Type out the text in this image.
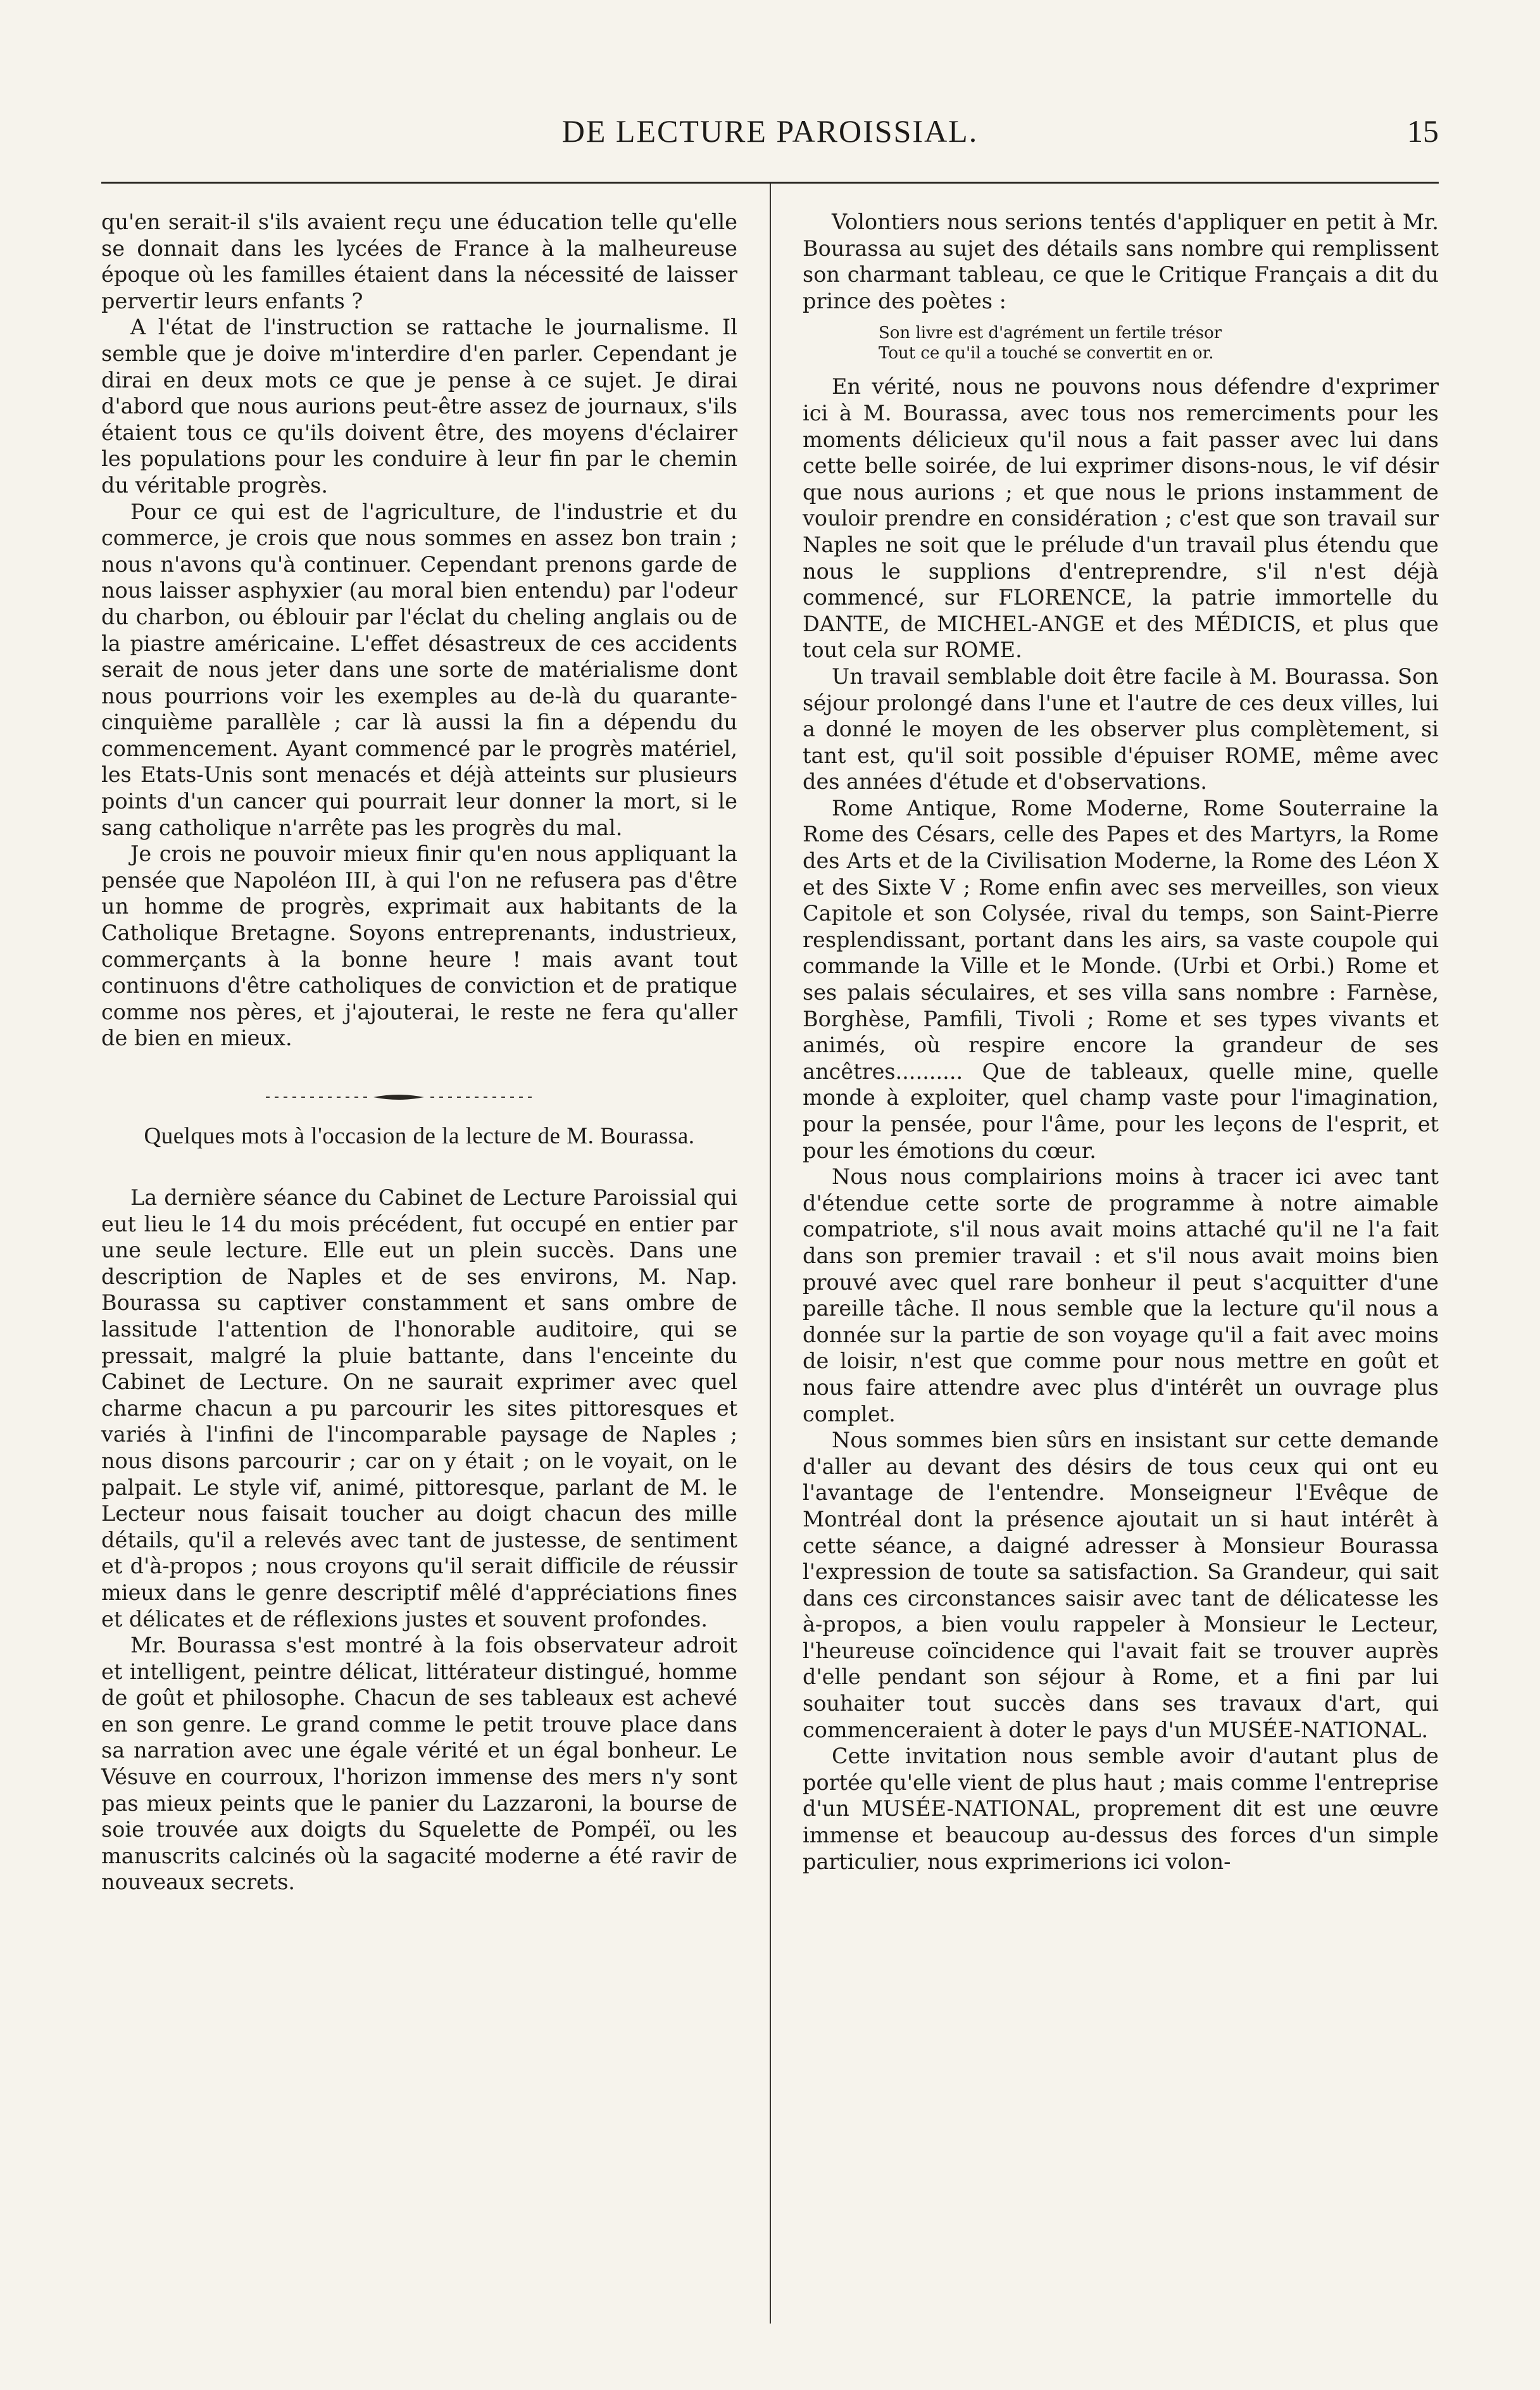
DE LECTURE PAROISSIAL.	15

qu'en serait-il s'ils avaient reçu une éducation telle qu'elle se donnait dans les lycées de France à la malheureuse époque où les familles étaient dans la nécessité de laisser pervertir leurs enfants ?

A l'état de l'instruction se rattache le journalisme. Il semble que je doive m'interdire d'en parler. Cependant je dirai en deux mots ce que je pense à ce sujet. Je dirai d'abord que nous aurions peut-être assez de journaux, s'ils étaient tous ce qu'ils doivent être, des moyens d'éclairer les populations pour les conduire à leur fin par le chemin du véritable progrès.

Pour ce qui est de l'agriculture, de l'industrie et du commerce, je crois que nous sommes en assez bon train ; nous n'avons qu'à continuer. Cependant prenons garde de nous laisser asphyxier (au moral bien entendu) par l'odeur du charbon, ou éblouir par l'éclat du cheling anglais ou de la piastre américaine. L'effet désastreux de ces accidents serait de nous jeter dans une sorte de matérialisme dont nous pourrions voir les exemples au de-là du quarante-cinquième parallèle ; car là aussi la fin a dépendu du commencement. Ayant commencé par le progrès matériel, les Etats-Unis sont menacés et déjà atteints sur plusieurs points d'un cancer qui pourrait leur donner la mort, si le sang catholique n'arrête pas les progrès du mal.

Je crois ne pouvoir mieux finir qu'en nous appliquant la pensée que Napoléon III, à qui l'on ne refusera pas d'être un homme de progrès, exprimait aux habitants de la Catholique Bretagne. Soyons entreprenants, industrieux, commerçants à la bonne heure ! mais avant tout continuons d'être catholiques de conviction et de pratique comme nos pères, et j'ajouterai, le reste ne fera qu'aller de bien en mieux.

Quelques mots à l'occasion de la lecture de M. Bourassa.

La dernière séance du Cabinet de Lecture Paroissial qui eut lieu le 14 du mois précédent, fut occupé en entier par une seule lecture. Elle eut un plein succès. Dans une description de Naples et de ses environs, M. Nap. Bourassa su captiver constamment et sans ombre de lassitude l'attention de l'honorable auditoire, qui se pressait, malgré la pluie battante, dans l'enceinte du Cabinet de Lecture. On ne saurait exprimer avec quel charme chacun a pu parcourir les sites pittoresques et variés à l'infini de l'incomparable paysage de Naples ; nous disons parcourir ; car on y était ; on le voyait, on le palpait. Le style vif, animé, pittoresque, parlant de M. le Lecteur nous faisait toucher au doigt chacun des mille détails, qu'il a relevés avec tant de justesse, de sentiment et d'à-propos ; nous croyons qu'il serait difficile de réussir mieux dans le genre descriptif mêlé d'appréciations fines et délicates et de réflexions justes et souvent profondes.

Mr. Bourassa s'est montré à la fois observateur adroit et intelligent, peintre délicat, littérateur distingué, homme de goût et philosophe. Chacun de ses tableaux est achevé en son genre. Le grand comme le petit trouve place dans sa narration avec une égale vérité et un égal bonheur. Le Vésuve en courroux, l'horizon immense des mers n'y sont pas mieux peints que le panier du Lazzaroni, la bourse de soie trouvée aux doigts du Squelette de Pompéï, ou les manuscrits calcinés où la sagacité moderne a été ravir de nouveaux secrets.

Volontiers nous serions tentés d'appliquer en petit à Mr. Bourassa au sujet des détails sans nombre qui remplissent son charmant tableau, ce que le Critique Français a dit du prince des poètes :

Son livre est d'agrément un fertile trésor
Tout ce qu'il a touché se convertit en or.

En vérité, nous ne pouvons nous défendre d'exprimer ici à M. Bourassa, avec tous nos remerciments pour les moments délicieux qu'il nous a fait passer avec lui dans cette belle soirée, de lui exprimer disons-nous, le vif désir que nous aurions ; et que nous le prions instamment de vouloir prendre en considération ; c'est que son travail sur Naples ne soit que le prélude d'un travail plus étendu que nous le supplions d'entreprendre, s'il n'est déjà commencé, sur FLORENCE, la patrie immortelle du DANTE, de MICHEL-ANGE et des MÉDICIS, et plus que tout cela sur ROME.

Un travail semblable doit être facile à M. Bourassa. Son séjour prolongé dans l'une et l'autre de ces deux villes, lui a donné le moyen de les observer plus complètement, si tant est, qu'il soit possible d'épuiser ROME, même avec des années d'étude et d'observations.

Rome Antique, Rome Moderne, Rome Souterraine la Rome des Césars, celle des Papes et des Martyrs, la Rome des Arts et de la Civilisation Moderne, la Rome des Léon X et des Sixte V ; Rome enfin avec ses merveilles, son vieux Capitole et son Colysée, rival du temps, son Saint-Pierre resplendissant, portant dans les airs, sa vaste coupole qui commande la Ville et le Monde. (Urbi et Orbi.) Rome et ses palais séculaires, et ses villa sans nombre : Farnèse, Borghèse, Pamfili, Tivoli ; Rome et ses types vivants et animés, où respire encore la grandeur de ses ancêtres.......... Que de tableaux, quelle mine, quelle monde à exploiter, quel champ vaste pour l'imagination, pour la pensée, pour l'âme, pour les leçons de l'esprit, et pour les émotions du cœur.

Nous nous complairions moins à tracer ici avec tant d'étendue cette sorte de programme à notre aimable compatriote, s'il nous avait moins attaché qu'il ne l'a fait dans son premier travail : et s'il nous avait moins bien prouvé avec quel rare bonheur il peut s'acquitter d'une pareille tâche. Il nous semble que la lecture qu'il nous a donnée sur la partie de son voyage qu'il a fait avec moins de loisir, n'est que comme pour nous mettre en goût et nous faire attendre avec plus d'intérêt un ouvrage plus complet.

Nous sommes bien sûrs en insistant sur cette demande d'aller au devant des désirs de tous ceux qui ont eu l'avantage de l'entendre. Monseigneur l'Evêque de Montréal dont la présence ajoutait un si haut intérêt à cette séance, a daigné adresser à Monsieur Bourassa l'expression de toute sa satisfaction. Sa Grandeur, qui sait dans ces circonstances saisir avec tant de délicatesse les à-propos, a bien voulu rappeler à Monsieur le Lecteur, l'heureuse coïncidence qui l'avait fait se trouver auprès d'elle pendant son séjour à Rome, et a fini par lui souhaiter tout succès dans ses travaux d'art, qui commenceraient à doter le pays d'un MUSÉE-NATIONAL.

Cette invitation nous semble avoir d'autant plus de portée qu'elle vient de plus haut ; mais comme l'entreprise d'un MUSÉE-NATIONAL, proprement dit est une œuvre immense et beaucoup au-dessus des forces d'un simple particulier, nous exprimerions ici volon-
